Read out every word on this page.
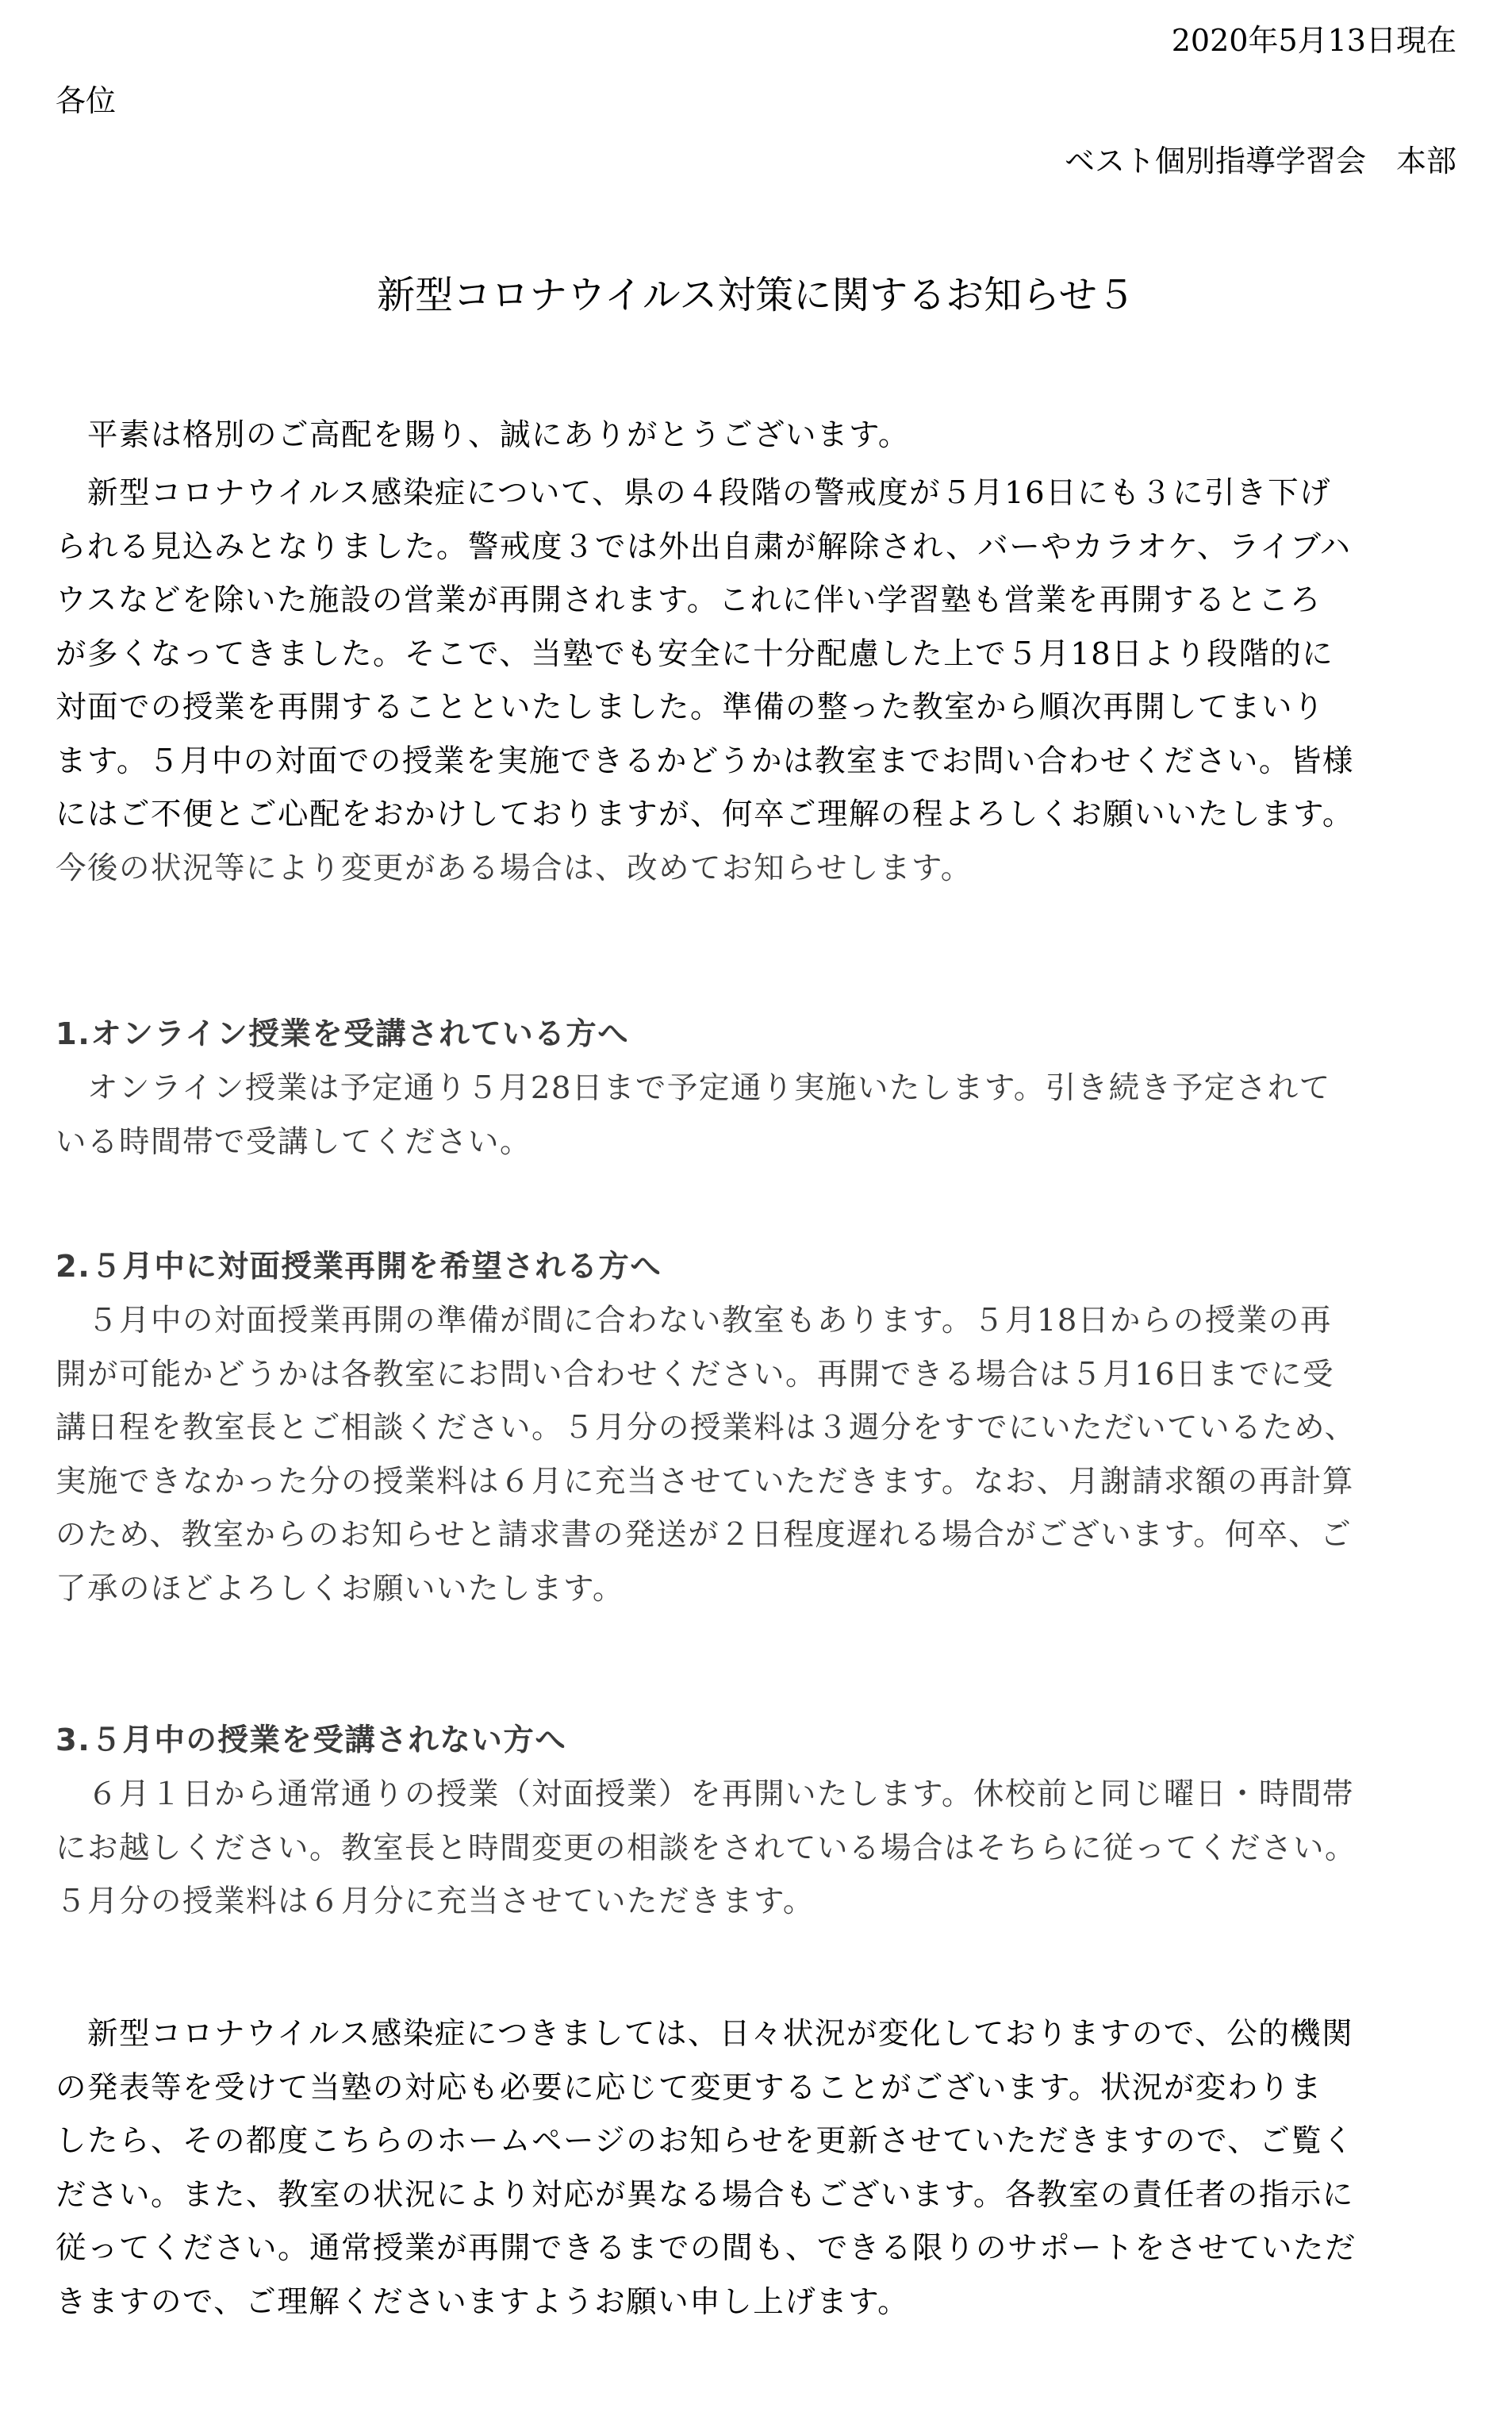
2020年5月13日現在
各位
ベスト個別指導学習会　本部
新型コロナウイルス対策に関するお知らせ５
平素は格別のご高配を賜り、誠にありがとうございます。
新型コロナウイルス感染症について、県の４段階の警戒度が５月16日にも３に引き下げ
られる見込みとなりました。警戒度３では外出自粛が解除され、バーやカラオケ、ライブハ
ウスなどを除いた施設の営業が再開されます。これに伴い学習塾も営業を再開するところ
が多くなってきました。そこで、当塾でも安全に十分配慮した上で５月18日より段階的に
対面での授業を再開することといたしました。準備の整った教室から順次再開してまいり
ます。５月中の対面での授業を実施できるかどうかは教室までお問い合わせください。皆様
にはご不便とご心配をおかけしておりますが、何卒ご理解の程よろしくお願いいたします。
今後の状況等により変更がある場合は、改めてお知らせします。
1.オンライン授業を受講されている方へ
オンライン授業は予定通り５月28日まで予定通り実施いたします。引き続き予定されて
いる時間帯で受講してください。
2.５月中に対面授業再開を希望される方へ
５月中の対面授業再開の準備が間に合わない教室もあります。５月18日からの授業の再
開が可能かどうかは各教室にお問い合わせください。再開できる場合は５月16日までに受
講日程を教室長とご相談ください。５月分の授業料は３週分をすでにいただいているため、
実施できなかった分の授業料は６月に充当させていただきます。なお、月謝請求額の再計算
のため、教室からのお知らせと請求書の発送が２日程度遅れる場合がございます。何卒、ご
了承のほどよろしくお願いいたします。
3.５月中の授業を受講されない方へ
６月１日から通常通りの授業（対面授業）を再開いたします。休校前と同じ曜日・時間帯
にお越しください。教室長と時間変更の相談をされている場合はそちらに従ってください。
５月分の授業料は６月分に充当させていただきます。
新型コロナウイルス感染症につきましては、日々状況が変化しておりますので、公的機関
の発表等を受けて当塾の対応も必要に応じて変更することがございます。状況が変わりま
したら、その都度こちらのホームページのお知らせを更新させていただきますので、ご覧く
ださい。また、教室の状況により対応が異なる場合もございます。各教室の責任者の指示に
従ってください。通常授業が再開できるまでの間も、できる限りのサポートをさせていただ
きますので、ご理解くださいますようお願い申し上げます。
